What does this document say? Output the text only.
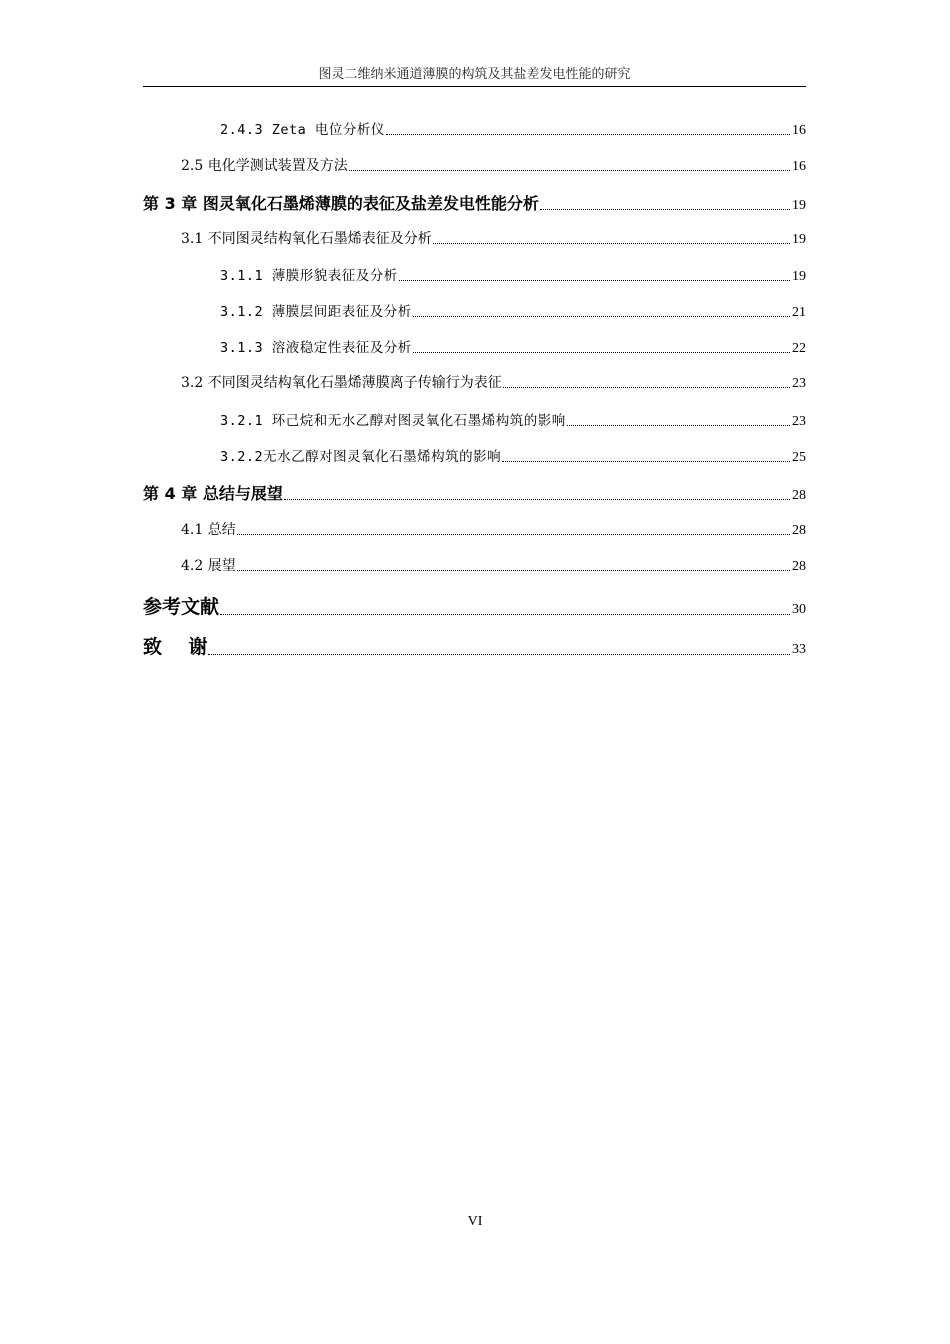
图灵二维纳米通道薄膜的构筑及其盐差发电性能的研究
2.4.3 Zeta 电位分析仪	16
2.5 电化学测试装置及方法	16
第 3 章 图灵氧化石墨烯薄膜的表征及盐差发电性能分析	19
3.1 不同图灵结构氧化石墨烯表征及分析	19
3.1.1 薄膜形貌表征及分析	19
3.1.2 薄膜层间距表征及分析	21
3.1.3 溶液稳定性表征及分析	22
3.2 不同图灵结构氧化石墨烯薄膜离子传输行为表征	23
3.2.1 环己烷和无水乙醇对图灵氧化石墨烯构筑的影响	23
3.2.2无水乙醇对图灵氧化石墨烯构筑的影响	25
第 4 章 总结与展望	28
4.1 总结	28
4.2 展望	28
参考文献	30
致    谢	33
VI
